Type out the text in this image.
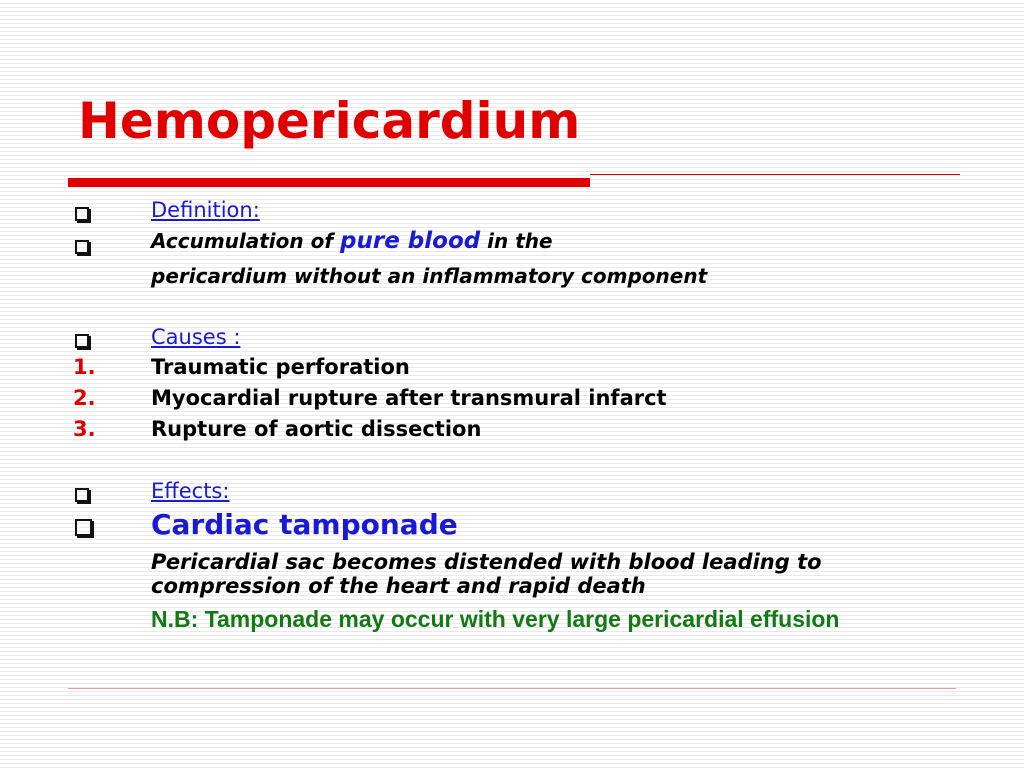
Hemopericardium
Definition:
Accumulation of pure blood in the
pericardium without an inflammatory component
Causes :
1.	Traumatic perforation
2.	Myocardial rupture after transmural infarct
3.	Rupture of aortic dissection
Effects:
Cardiac tamponade
Pericardial sac becomes distended with blood leading to compression of the heart and rapid death
N.B: Tamponade may occur with very large pericardial effusion
